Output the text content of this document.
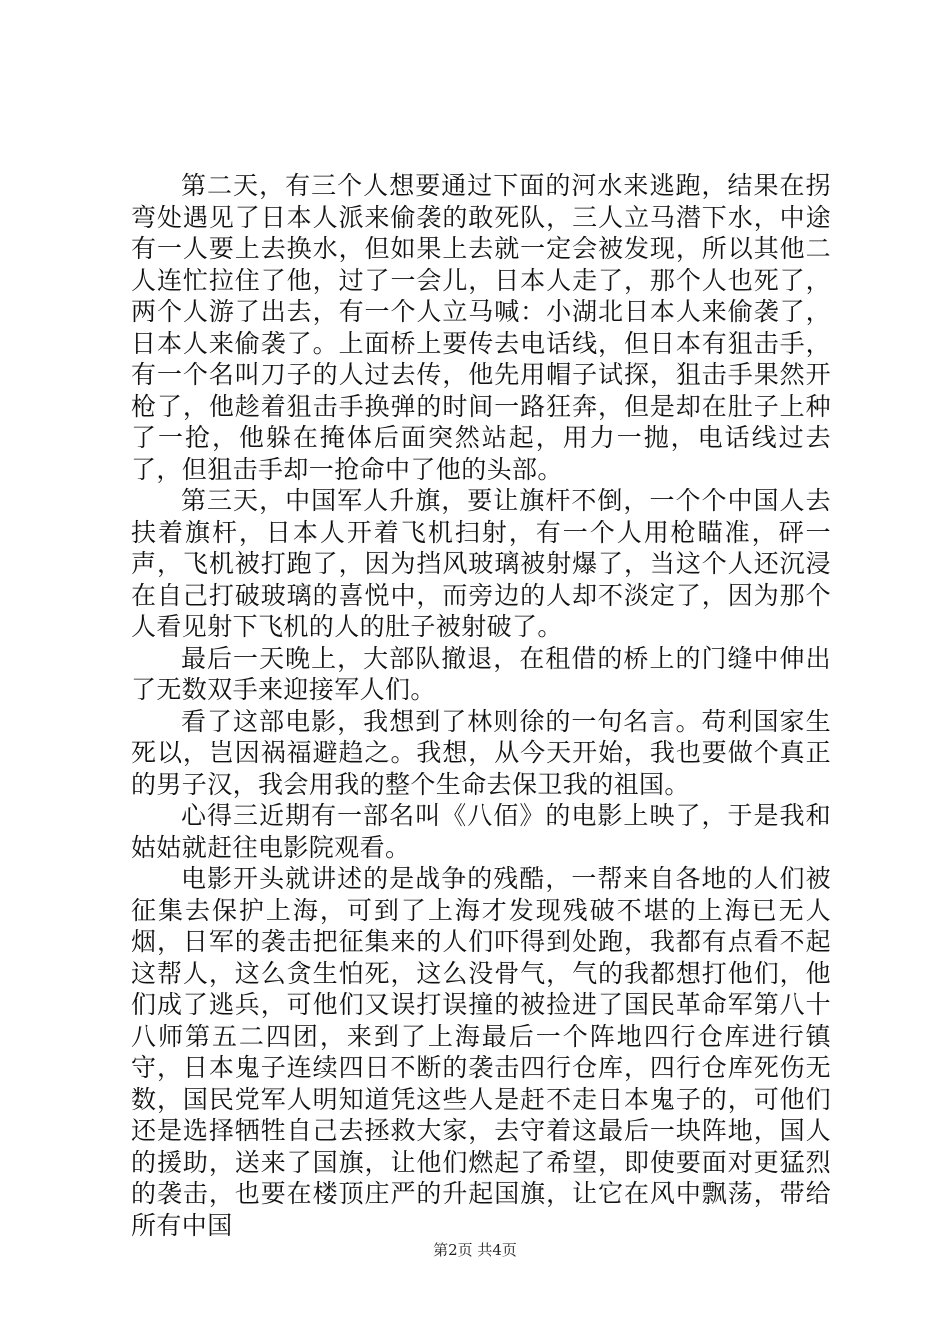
第二天，有三个人想要通过下面的河水来逃跑，结果在拐弯处遇见了日本人派来偷袭的敢死队，三人立马潜下水，中途有一人要上去换水，但如果上去就一定会被发现，所以其他二人连忙拉住了他，过了一会儿，日本人走了，那个人也死了，两个人游了出去，有一个人立马喊：小湖北日本人来偷袭了，日本人来偷袭了。上面桥上要传去电话线，但日本有狙击手，有一个名叫刀子的人过去传，他先用帽子试探，狙击手果然开枪了，他趁着狙击手换弹的时间一路狂奔，但是却在肚子上种了一抢，他躲在掩体后面突然站起，用力一抛，电话线过去了，但狙击手却一抢命中了他的头部。

第三天，中国军人升旗，要让旗杆不倒，一个个中国人去扶着旗杆，日本人开着飞机扫射，有一个人用枪瞄准，砰一声，飞机被打跑了，因为挡风玻璃被射爆了，当这个人还沉浸在自己打破玻璃的喜悦中，而旁边的人却不淡定了，因为那个人看见射下飞机的人的肚子被射破了。

最后一天晚上，大部队撤退，在租借的桥上的门缝中伸出了无数双手来迎接军人们。

看了这部电影，我想到了林则徐的一句名言。苟利国家生死以，岂因祸福避趋之。我想，从今天开始，我也要做个真正的男子汉，我会用我的整个生命去保卫我的祖国。

心得三近期有一部名叫《八佰》的电影上映了，于是我和姑姑就赶往电影院观看。

电影开头就讲述的是战争的残酷，一帮来自各地的人们被征集去保护上海，可到了上海才发现残破不堪的上海已无人烟，日军的袭击把征集来的人们吓得到处跑，我都有点看不起这帮人，这么贪生怕死，这么没骨气，气的我都想打他们，他们成了逃兵，可他们又误打误撞的被捡进了国民革命军第八十八师第五二四团，来到了上海最后一个阵地四行仓库进行镇守，日本鬼子连续四日不断的袭击四行仓库，四行仓库死伤无数，国民党军人明知道凭这些人是赶不走日本鬼子的，可他们还是选择牺牲自己去拯救大家，去守着这最后一块阵地，国人的援助，送来了国旗，让他们燃起了希望，即使要面对更猛烈的袭击，也要在楼顶庄严的升起国旗，让它在风中飘荡，带给所有中国

第2页 共4页
